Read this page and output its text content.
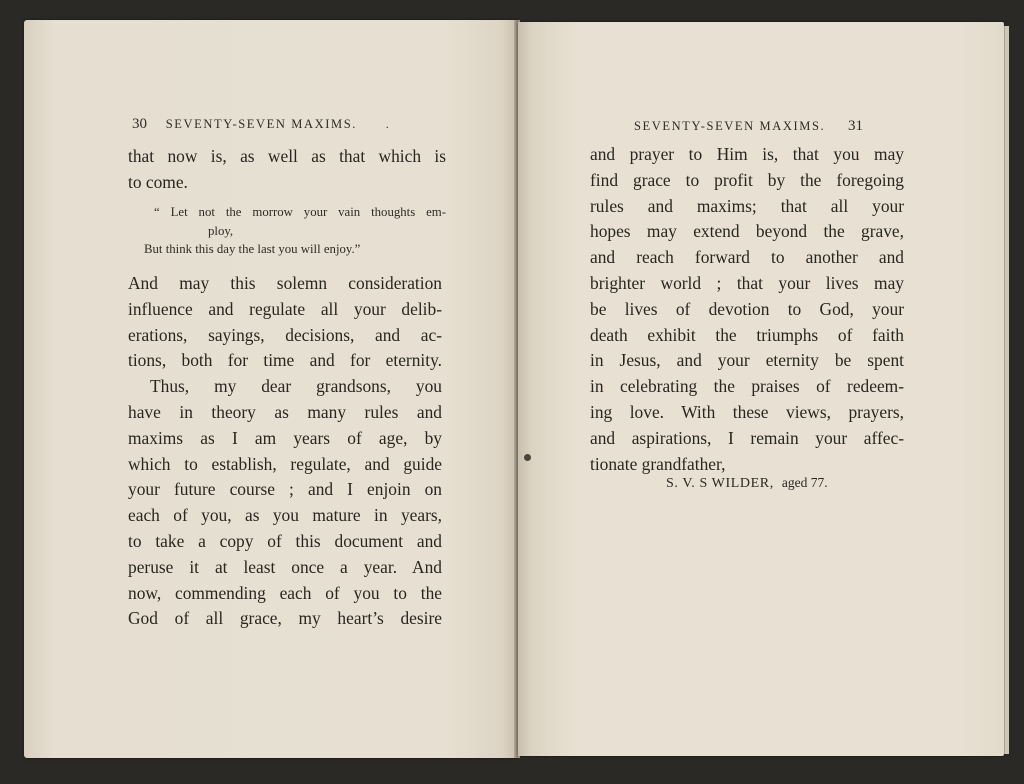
30 SEVENTY-SEVEN MAXIMS. .
that now is, as well as that which is
to come.
“ Let not the morrow your vain thoughts em-
ploy,
But think this day the last you will enjoy.”
And may this solemn consideration
influence and regulate all your delib-
erations, sayings, decisions, and ac-
tions, both for time and for eternity.
Thus, my dear grandsons, you
have in theory as many rules and
maxims as I am years of age, by
which to establish, regulate, and guide
your future course ; and I enjoin on
each of you, as you mature in years,
to take a copy of this document and
peruse it at least once a year. And
now, commending each of you to the
God of all grace, my heart’s desire
SEVENTY-SEVEN MAXIMS. 31
and prayer to Him is, that you may
find grace to profit by the foregoing
rules and maxims; that all your
hopes may extend beyond the grave,
and reach forward to another and
brighter world ; that your lives may
be lives of devotion to God, your
death exhibit the triumphs of faith
in Jesus, and your eternity be spent
in celebrating the praises of redeem-
ing love. With these views, prayers,
and aspirations, I remain your affec-
tionate grandfather,
S. V. S WILDER, aged 77.
